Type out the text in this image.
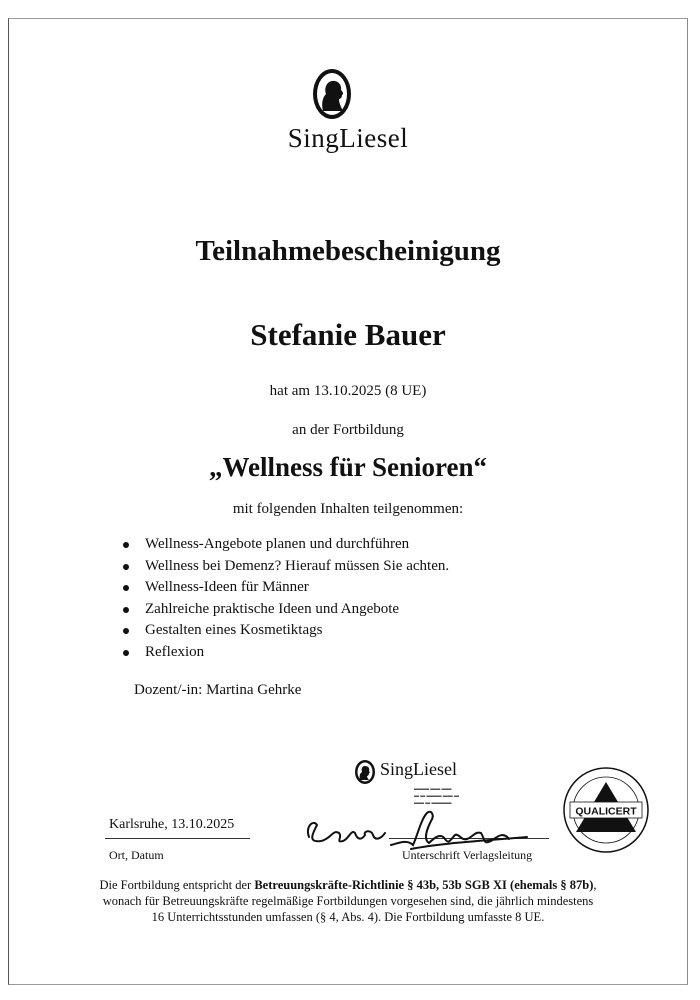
SingLiesel
Teilnahmebescheinigung
Stefanie Bauer
hat am 13.10.2025 (8 UE)
an der Fortbildung
„Wellness für Senioren“
mit folgenden Inhalten teilgenommen:
Wellness-Angebote planen und durchführen
Wellness bei Demenz? Hierauf müssen Sie achten.
Wellness-Ideen für Männer
Zahlreiche praktische Ideen und Angebote
Gestalten eines Kosmetiktags
Reflexion
Dozent/-in: Martina Gehrke
SingLiesel
▬▬▬ ▬▬ ▬▬
▬ ▬ ▬▬▬ ▬▬ ▬
▬▬ ▬ ▬▬▬▬
Karlsruhe, 13.10.2025
Ort, Datum	Unterschrift Verlagsleitung
QUALICERT
Die Fortbildung entspricht der Betreuungskräfte-Richtlinie § 43b, 53b SGB XI (ehemals § 87b),
wonach für Betreuungskräfte regelmäßige Fortbildungen vorgesehen sind, die jährlich mindestens
16 Unterrichtsstunden umfassen (§ 4, Abs. 4). Die Fortbildung umfasste 8 UE.
